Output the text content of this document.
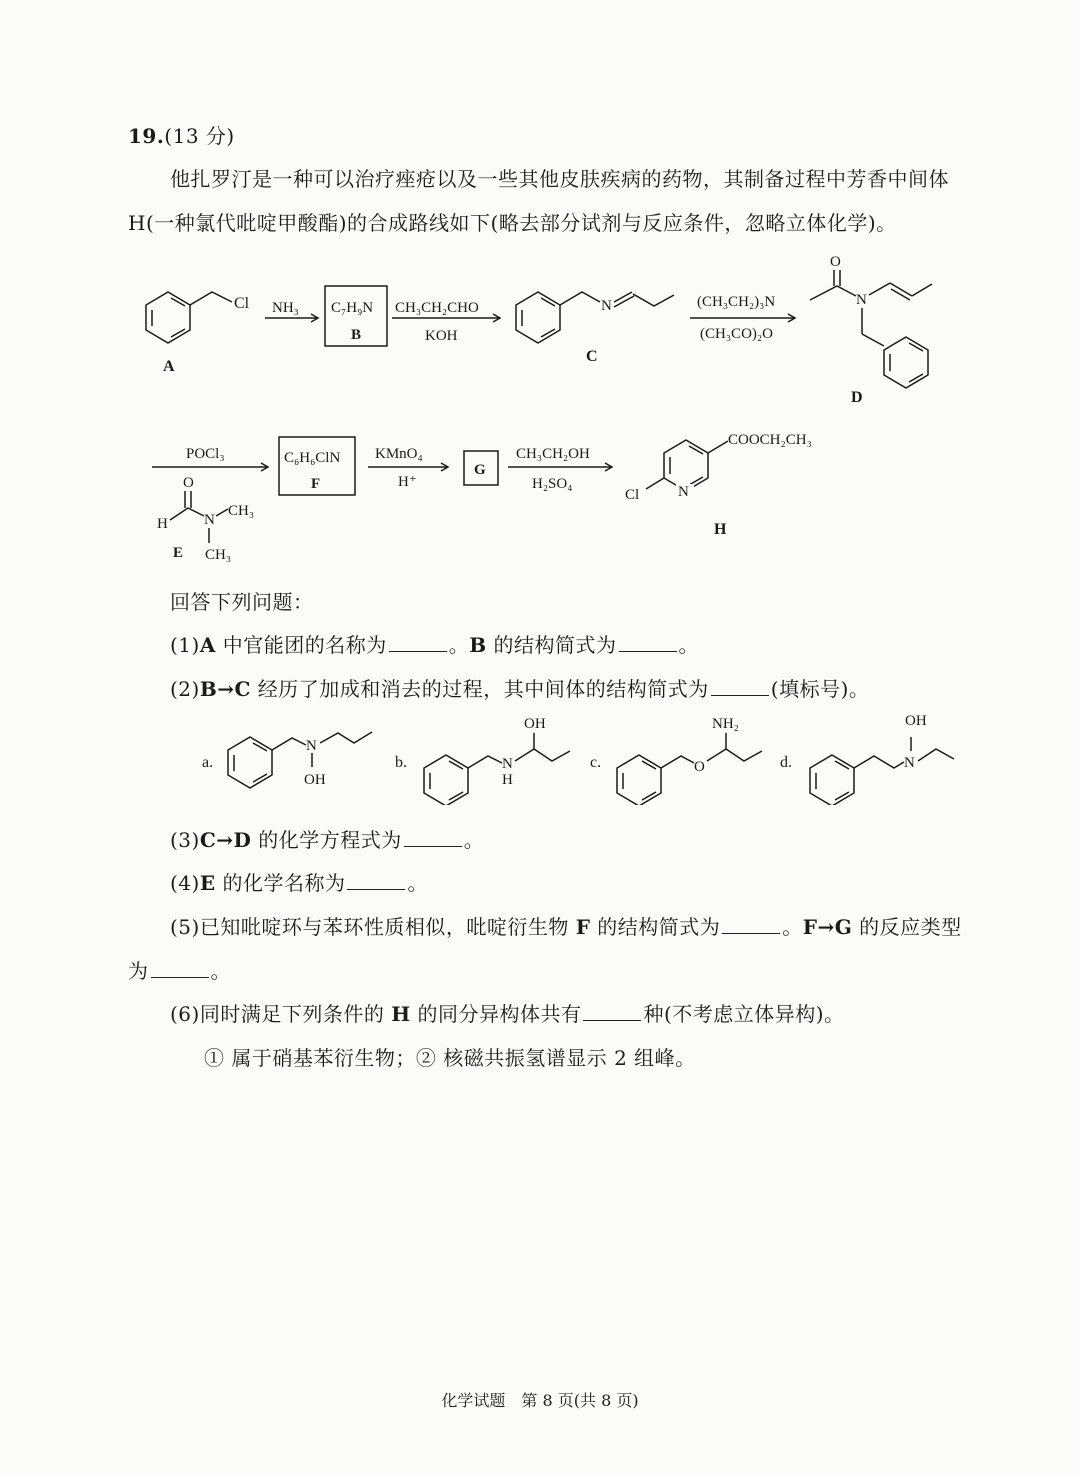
19.(13 分)
他扎罗汀是一种可以治疗痤疮以及一些其他皮肤疾病的药物，其制备过程中芳香中间体
H(一种氯代吡啶甲酸酯)的合成路线如下(略去部分试剂与反应条件，忽略立体化学)。
Cl
A
NH₃ C₇H₉N
B
CH₃CH₂CHO
KOH
N
C
(CH₃CH₂)₃N
(CH₃CO)₂O
O
N
D
POCl₃
O
H N
CH₃
CH₃
E
C₆H₆ClN
F
KMnO₄
H⁺
G
CH₃CH₂OH
H₂SO₄	N
COOCH₂CH₃
Cl
H
回答下列问题：
(1)A 中官能团的名称为	。B 的结构简式为	。
(2)B→C 经历了加成和消去的过程，其中间体的结构简式为	(填标号)。
a.
N
OH
b.	N
H
OH
c.	O
NH₂
d.	N
OH
(3)C→D 的化学方程式为	。
(4)E 的化学名称为	。
(5)已知吡啶环与苯环性质相似，吡啶衍生物 F 的结构简式为	。F→G 的反应类型
为	。
(6)同时满足下列条件的 H 的同分异构体共有	种(不考虑立体异构)。
① 属于硝基苯衍生物；② 核磁共振氢谱显示 2 组峰。
化学试题　第 8 页(共 8 页)
